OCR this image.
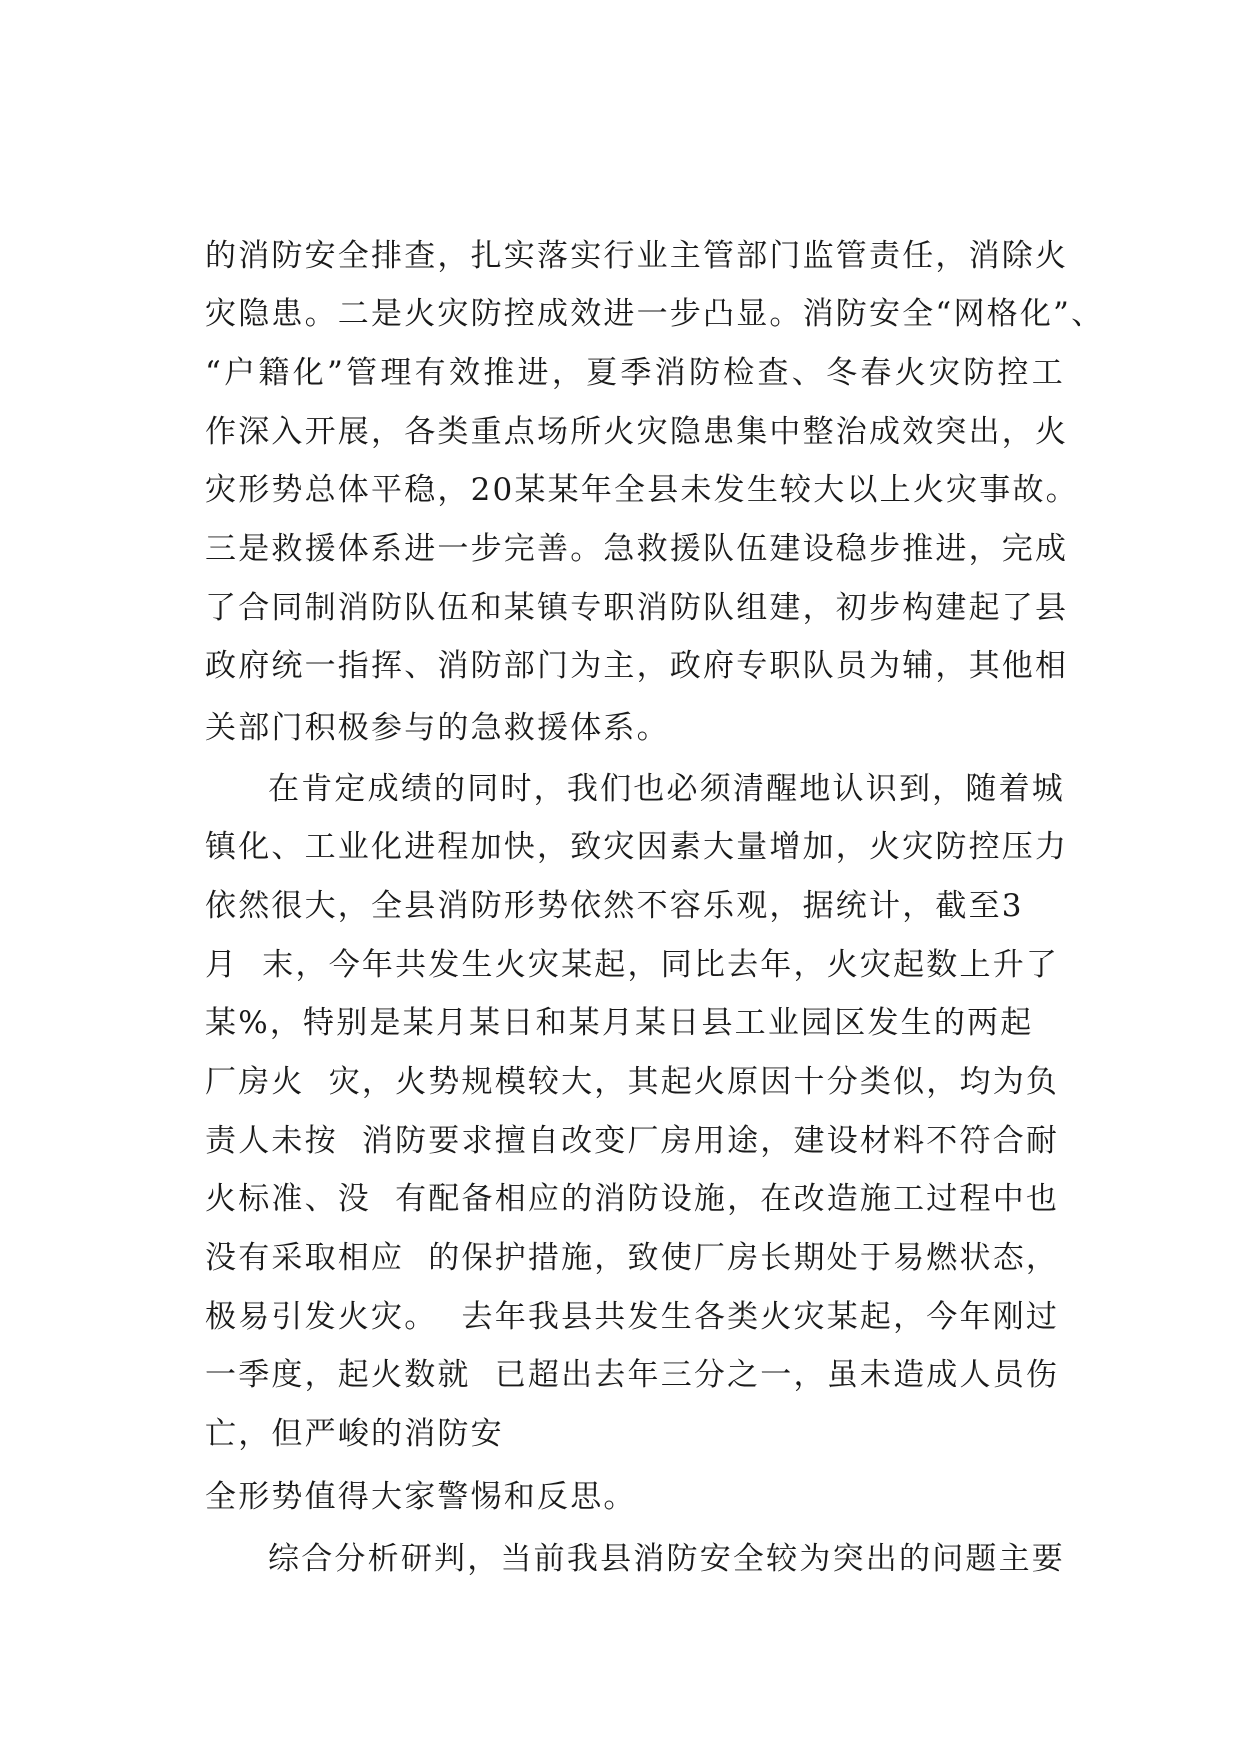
的消防安全排查，扎实落实行业主管部门监管责任，消除火
灾隐患。二是火灾防控成效进一步凸显。消防安全“网格化”、
“户籍化”管理有效推进，夏季消防检查、冬春火灾防控工
作深入开展，各类重点场所火灾隐患集中整治成效突出，火
灾形势总体平稳，20某某年全县未发生较大以上火灾事故。
三是救援体系进一步完善。急救援队伍建设稳步推进，完成
了合同制消防队伍和某镇专职消防队组建，初步构建起了县
政府统一指挥、消防部门为主，政府专职队员为辅，其他相
关部门积极参与的急救援体系。
在肯定成绩的同时，我们也必须清醒地认识到，随着城
镇化、工业化进程加快，致灾因素大量增加，火灾防控压力
依然很大，全县消防形势依然不容乐观，据统计，截至3
月  末，今年共发生火灾某起，同比去年，火灾起数上升了
某%，特别是某月某日和某月某日县工业园区发生的两起
厂房火  灾，火势规模较大，其起火原因十分类似，均为负
责人未按  消防要求擅自改变厂房用途，建设材料不符合耐
火标准、没  有配备相应的消防设施，在改造施工过程中也
没有采取相应  的保护措施，致使厂房长期处于易燃状态，
极易引发火灾。  去年我县共发生各类火灾某起，今年刚过
一季度，起火数就  已超出去年三分之一，虽未造成人员伤
亡，但严峻的消防安
全形势值得大家警惕和反思。
综合分析研判，当前我县消防安全较为突出的问题主要
